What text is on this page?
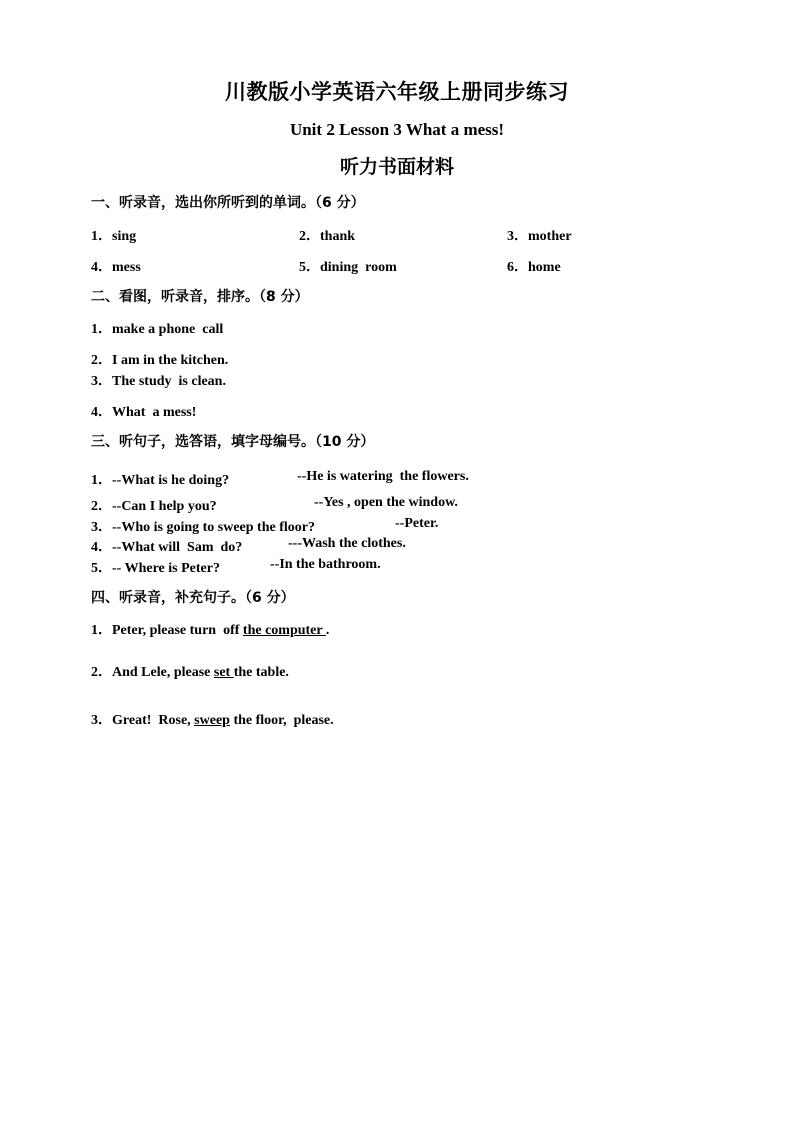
川教版小学英语六年级上册同步练习
Unit 2 Lesson 3 What a mess!
听力书面材料
一、听录音，选出你所听到的单词。（6 分）
1．sing	2．thank	3．mother
4．mess	5．dining  room	6．home
二、看图，听录音，排序。（8 分）
1．make a phone  call
2．I am in the kitchen.
3．The study  is clean.
4．What  a mess!
三、听句子，选答语，填字母编号。（10 分）
1．--What is he doing?	--He is watering  the flowers.
2．--Can I help you?	--Yes , open the window.
3．--Who is going to sweep the floor?	--Peter.
4．--What will  Sam  do?	---Wash the clothes.
5．-- Where is Peter?	--In the bathroom.
四、听录音，补充句子。（6 分）
1．Peter, please turn  off the computer .
2．And Lele, please set the table.
3．Great!  Rose, sweep the floor,  please.
